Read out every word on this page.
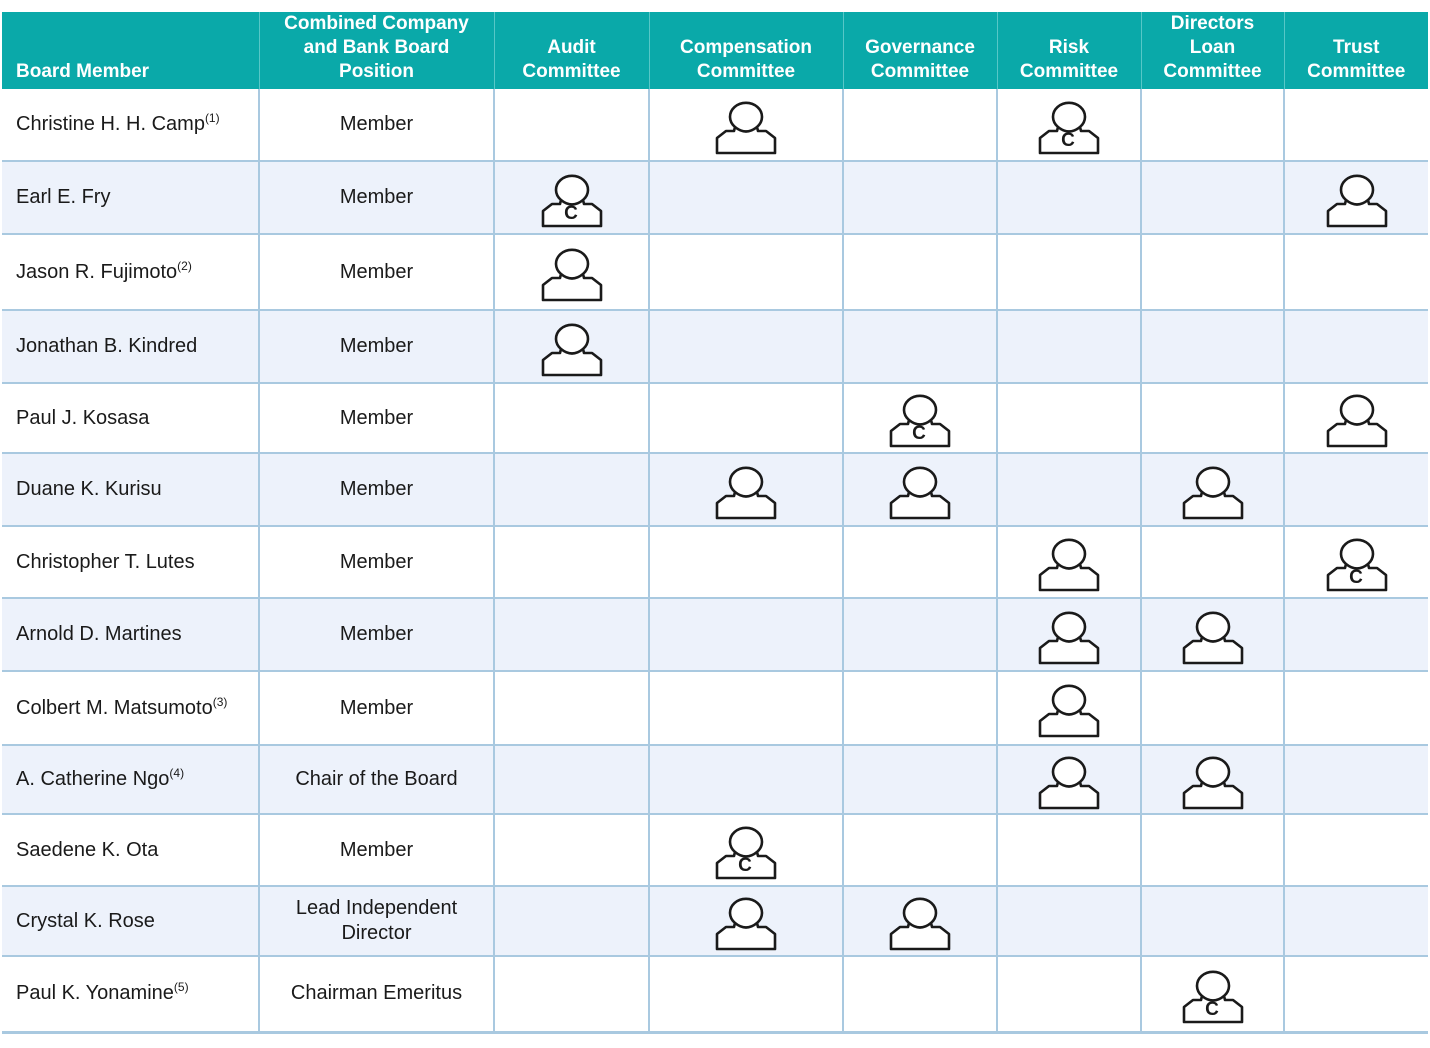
Board Member	Combined Company and Bank Board Position	Audit Committee	Compensation Committee	Governance Committee	Risk Committee	Directors Loan Committee	Trust Committee
Christine H. H. Camp$^{(1)}$	Member				C		

Earl E. Fry	Member	C

Jason R. Fujimoto$^{(2)}$	Member	

Jonathan B. Kindred	Member	

Paul J. Kosasa	Member			C

Duane K. Kurisu	Member		

Christopher T. Lutes	Member						C

Arnold D. Martines	Member				

Colbert M. Matsumoto$^{(3)}$	Member				

A. Catherine Ngo$^{(4)}$	Chair of the Board				

Saedene K. Ota	Member		C				

Crystal K. Rose	Lead Independent Director		

Paul K. Yonamine$^{(5)}$	Chairman Emeritus					C	
